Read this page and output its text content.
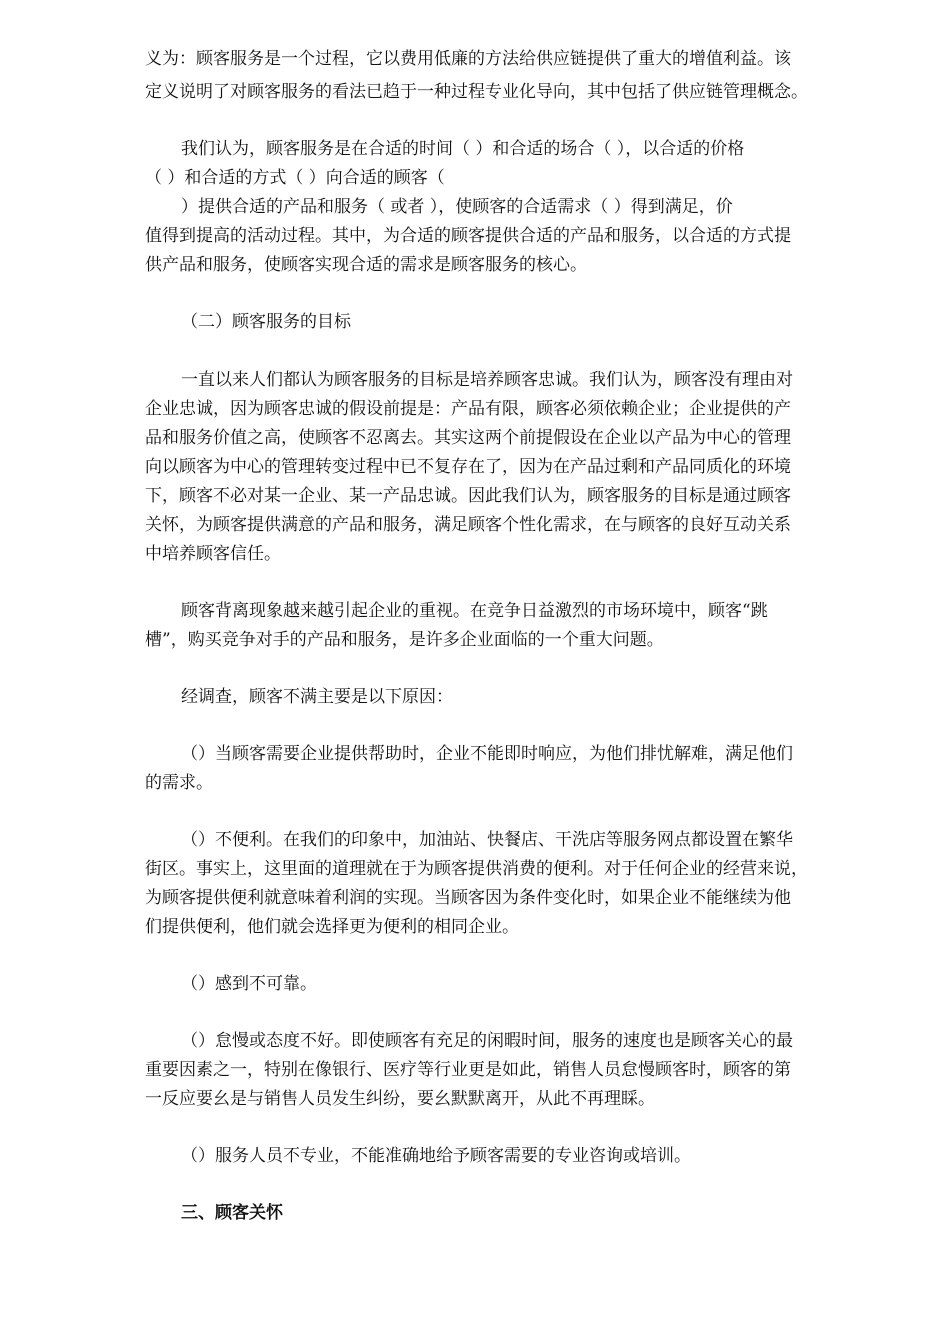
义为：顾客服务是一个过程，它以费用低廉的方法给供应链提供了重大的增值利益。该
定义说明了对顾客服务的看法已趋于一种过程专业化导向，其中包括了供应链管理概念。
我们认为，顾客服务是在合适的时间（ ）和合适的场合（ ），以合适的价格
（ ）和合适的方式（ ）向合适的顾客（
）提供合适的产品和服务（ 或者 ），使顾客的合适需求（ ）得到满足，价
值得到提高的活动过程。其中，为合适的顾客提供合适的产品和服务，以合适的方式提
供产品和服务，使顾客实现合适的需求是顾客服务的核心。
（二）顾客服务的目标
一直以来人们都认为顾客服务的目标是培养顾客忠诚。我们认为，顾客没有理由对
企业忠诚，因为顾客忠诚的假设前提是：产品有限，顾客必须依赖企业；企业提供的产
品和服务价值之高，使顾客不忍离去。其实这两个前提假设在企业以产品为中心的管理
向以顾客为中心的管理转变过程中已不复存在了，因为在产品过剩和产品同质化的环境
下，顾客不必对某一企业、某一产品忠诚。因此我们认为，顾客服务的目标是通过顾客
关怀，为顾客提供满意的产品和服务，满足顾客个性化需求，在与顾客的良好互动关系
中培养顾客信任。
顾客背离现象越来越引起企业的重视。在竞争日益激烈的市场环境中，顾客“跳
槽”，购买竞争对手的产品和服务，是许多企业面临的一个重大问题。
经调查，顾客不满主要是以下原因：
（）当顾客需要企业提供帮助时，企业不能即时响应，为他们排忧解难，满足他们
的需求。
（）不便利。在我们的印象中，加油站、快餐店、干洗店等服务网点都设置在繁华
街区。事实上，这里面的道理就在于为顾客提供消费的便利。对于任何企业的经营来说，
为顾客提供便利就意味着利润的实现。当顾客因为条件变化时，如果企业不能继续为他
们提供便利，他们就会选择更为便利的相同企业。
（）感到不可靠。
（）怠慢或态度不好。即使顾客有充足的闲暇时间，服务的速度也是顾客关心的最
重要因素之一，特别在像银行、医疗等行业更是如此，销售人员怠慢顾客时，顾客的第
一反应要幺是与销售人员发生纠纷，要幺默默离开，从此不再理睬。
（）服务人员不专业，不能准确地给予顾客需要的专业咨询或培训。
三、顾客关怀
